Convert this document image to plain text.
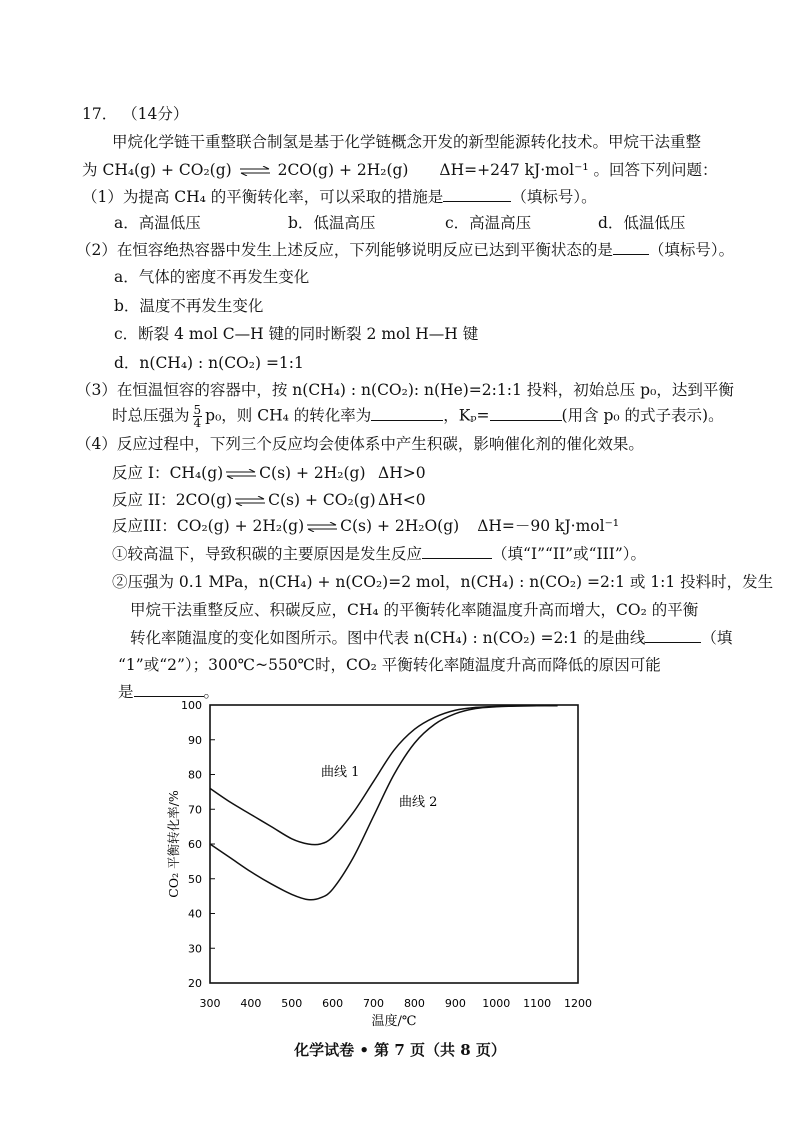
17． （14分）
甲烷化学链干重整联合制氢是基于化学链概念开发的新型能源转化技术。甲烷干法重整
为 CH₄(g) + CO₂(g) ⇌ 2CO(g) + 2H₂(g) ΔH=+247 kJ·mol⁻¹ 。回答下列问题：
（1）为提高 CH₄ 的平衡转化率，可以采取的措施是	（填标号）。
a．高温低压	b．低温高压	c．高温高压	d．低温低压
（2）在恒容绝热容器中发生上述反应，下列能够说明反应已达到平衡状态的是 （填标号）。
a．气体的密度不再发生变化
b．温度不再发生变化
c．断裂 4 mol C—H 键的同时断裂 2 mol H—H 键
d．n(CH₄) : n(CO₂) =1:1
（3）在恒温恒容的容器中，按 n(CH₄) : n(CO₂): n(He)=2:1:1 投料，初始总压 p₀，达到平衡
时总压强为 $\frac{5}{4} p_0$，则 CH₄ 的转化率为	，Kₚ=	(用含 p₀ 的式子表示)。
（4）反应过程中，下列三个反应均会使体系中产生积碳，影响催化剂的催化效果。
反应 I：CH₄(g) ⇌ C(s) + 2H₂(g) ΔH>0
反应 II：2CO(g) ⇌ C(s) + CO₂(g) ΔH<0
反应III：CO₂(g) + 2H₂(g) ⇌ C(s) + 2H₂O(g) ΔH=－90 kJ·mol⁻¹
①较高温下，导致积碳的主要原因是发生反应	（填“I”“II”或“III”）。
②压强为 0.1 MPa，n(CH₄) + n(CO₂)=2 mol，n(CH₄) : n(CO₂) =2:1 或 1:1 投料时，发生
甲烷干法重整反应、积碳反应，CH₄ 的平衡转化率随温度升高而增大，CO₂ 的平衡
转化率随温度的变化如图所示。图中代表 n(CH₄) : n(CO₂) =2:1 的是曲线	（填
“1”或“2”）；300℃~550℃时，CO₂ 平衡转化率随温度升高而降低的原因可能
是	。
20
30
40
50
60
70
80
90
100
300 400 500 600 700 800 900 1000 1100 1200
曲线 1
曲线 2
温度/℃
CO₂ 平衡转化率/%
化学试卷 • 第 7 页（共 8 页）
